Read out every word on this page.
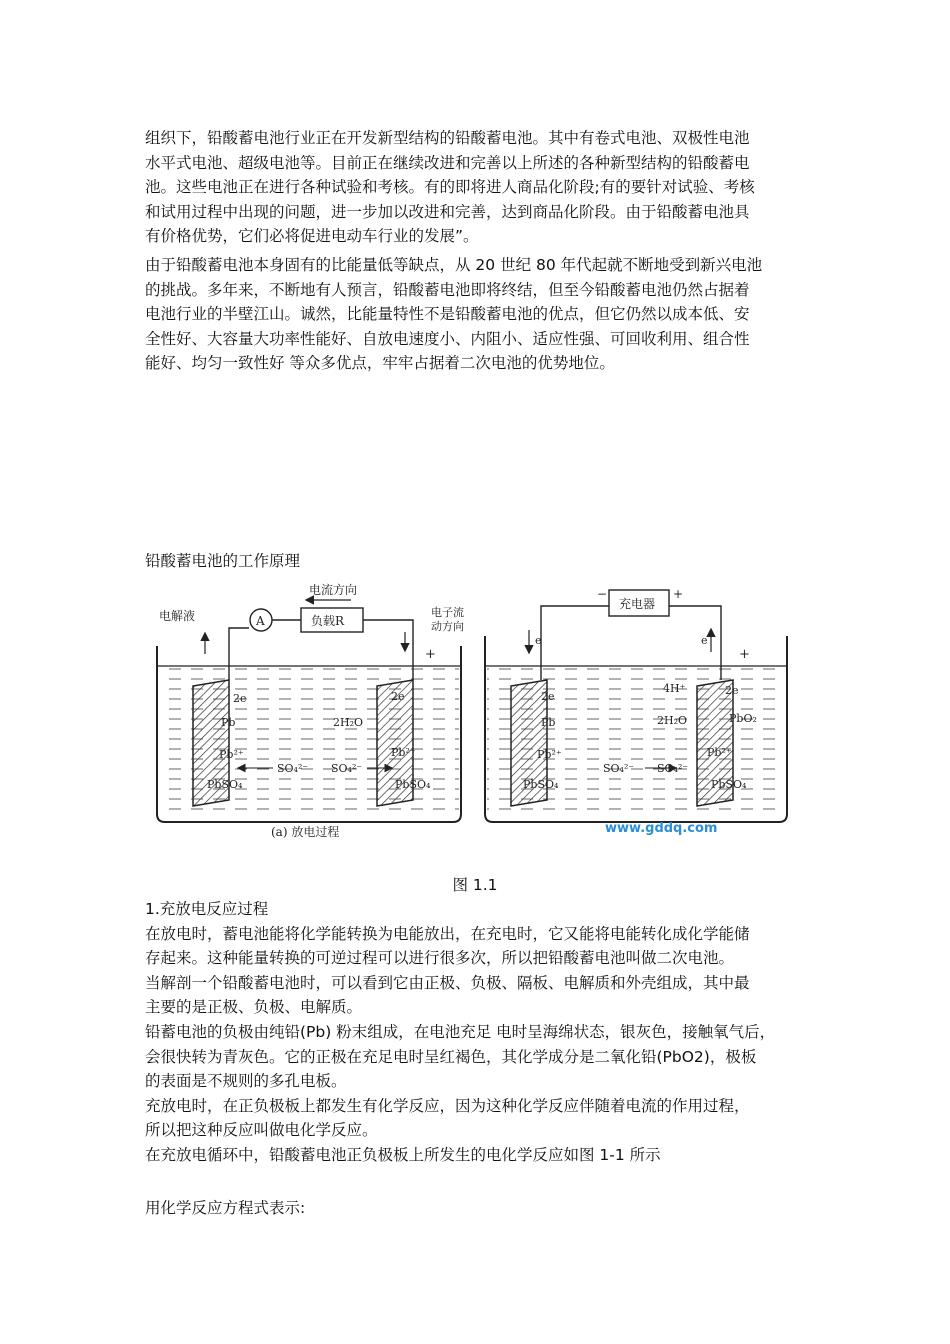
组织下，铅酸蓄电池行业正在开发新型结构的铅酸蓄电池。其中有卷式电池、双极性电池

水平式电池、超级电池等。目前正在继续改进和完善以上所述的各种新型结构的铅酸蓄电

池。这些电池正在进行各种试验和考核。有的即将进人商品化阶段;有的要针对试验、考核

和试用过程中出现的问题，进一步加以改进和完善，达到商品化阶段。由于铅酸蓄电池具

有价格优势，它们必将促进电动车行业的发展”。

由于铅酸蓄电池本身固有的比能量低等缺点，从 20 世纪 80 年代起就不断地受到新兴电池

的挑战。多年来，不断地有人预言，铅酸蓄电池即将终结，但至今铅酸蓄电池仍然占据着

电池行业的半壁江山。诚然，比能量特性不是铅酸蓄电池的优点，但它仍然以成本低、安

全性好、大容量大功率性能好、自放电速度小、内阻小、适应性强、可回收利用、组合性

能好、均匀一致性好 等众多优点，牢牢占据着二次电池的优势地位。

铅酸蓄电池的工作原理
A	负载R
电流方向
电解液	电子流
动方向
+
2e
Pb
Pb²⁺
PbSO₄
SO₄²⁻ SO₄²⁻
2e
2H₂O
Pb²⁺
PbSO₄
(a) 放电过程
充电器
−	+
e	e
+
2e
Pb
Pb²⁺
PbSO₄
SO₄²⁻ SO₄²⁻
4H⁺	2e
2H₂O	PbO₂
Pb²⁺
PbSO₄
www.gddq.com
图 1.1

1.充放电反应过程

在放电时，蓄电池能将化学能转换为电能放出，在充电时，它又能将电能转化成化学能储

存起来。这种能量转换的可逆过程可以进行很多次，所以把铅酸蓄电池叫做二次电池。

当解剖一个铅酸蓄电池时，可以看到它由正极、负极、隔板、电解质和外壳组成，其中最

主要的是正极、负极、电解质。

铅蓄电池的负极由纯铅(Pb) 粉末组成，在电池充足 电时呈海绵状态，银灰色，接触氧气后，

会很快转为青灰色。它的正极在充足电时呈红褐色，其化学成分是二氧化铅(PbO2)，极板

的表面是不规则的多孔电板。

充放电时，在正负极板上都发生有化学反应，因为这种化学反应伴随着电流的作用过程，

所以把这种反应叫做电化学反应。

在充放电循环中，铅酸蓄电池正负极板上所发生的电化学反应如图 1-1 所示

用化学反应方程式表示:
